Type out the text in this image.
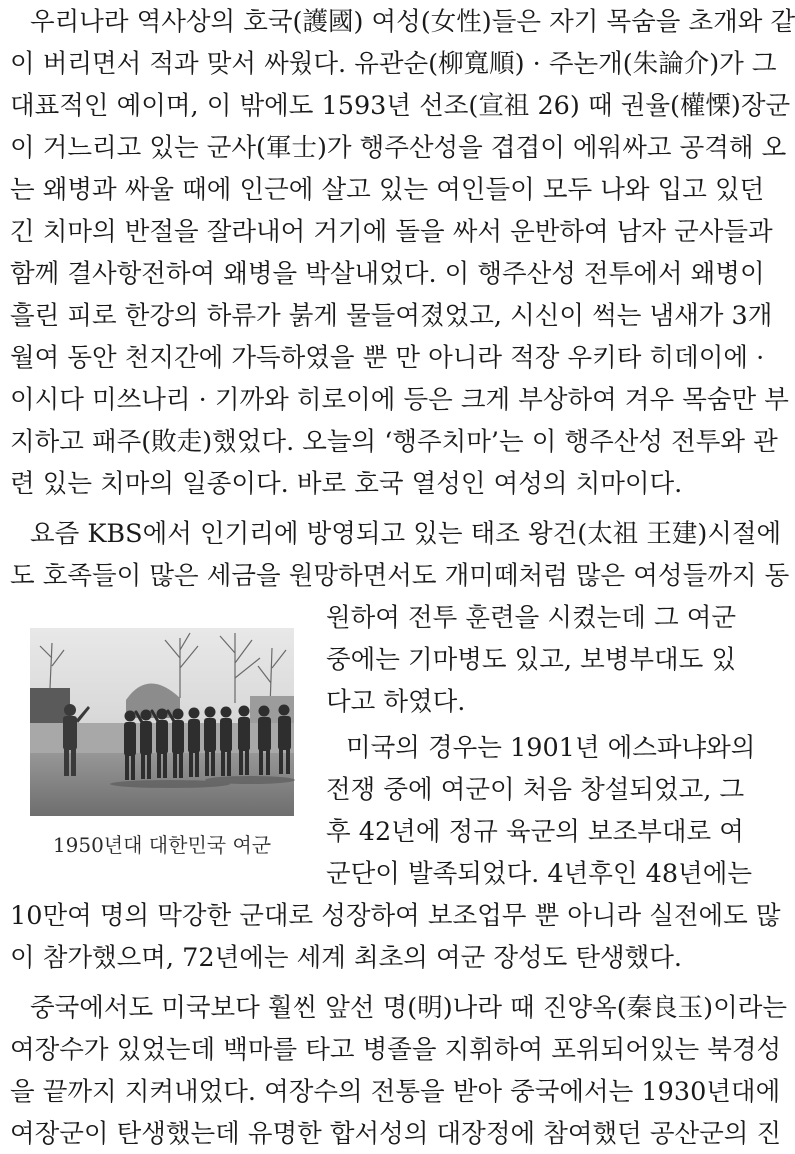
우리나라 역사상의 호국(護國) 여성(女性)들은 자기 목숨을 초개와 같
이 버리면서 적과 맞서 싸웠다. 유관순(柳寬順) · 주논개(朱論介)가 그
대표적인 예이며, 이 밖에도 1593년 선조(宣祖 26) 때 권율(權慄)장군
이 거느리고 있는 군사(軍士)가 행주산성을 겹겹이 에워싸고 공격해 오
는 왜병과 싸울 때에 인근에 살고 있는 여인들이 모두 나와 입고 있던
긴 치마의 반절을 잘라내어 거기에 돌을 싸서 운반하여 남자 군사들과
함께 결사항전하여 왜병을 박살내었다. 이 행주산성 전투에서 왜병이
흘린 피로 한강의 하류가 붉게 물들여졌었고, 시신이 썩는 냄새가 3개
월여 동안 천지간에 가득하였을 뿐 만 아니라 적장 우키타 히데이에 ·
이시다 미쓰나리 · 기까와 히로이에 등은 크게 부상하여 겨우 목숨만 부
지하고 패주(敗走)했었다. 오늘의 ‘행주치마’는 이 행주산성 전투와 관
련 있는 치마의 일종이다. 바로 호국 열성인 여성의 치마이다.
요즘 KBS에서 인기리에 방영되고 있는 태조 왕건(太祖 王建)시절에
도 호족들이 많은 세금을 원망하면서도 개미떼처럼 많은 여성들까지 동
원하여 전투 훈련을 시켰는데 그 여군
중에는 기마병도 있고, 보병부대도 있
다고 하였다.
미국의 경우는 1901년 에스파냐와의
전쟁 중에 여군이 처음 창설되었고, 그
후 42년에 정규 육군의 보조부대로 여
군단이 발족되었다. 4년후인 48년에는
10만여 명의 막강한 군대로 성장하여 보조업무 뿐 아니라 실전에도 많
이 참가했으며, 72년에는 세계 최초의 여군 장성도 탄생했다.
중국에서도 미국보다 훨씬 앞선 명(明)나라 때 진양옥(秦良玉)이라는
여장수가 있었는데 백마를 타고 병졸을 지휘하여 포위되어있는 북경성
을 끝까지 지켜내었다. 여장수의 전통을 받아 중국에서는 1930년대에
여장군이 탄생했는데 유명한 합서성의 대장정에 참여했던 공산군의 진
1950년대 대한민국 여군
